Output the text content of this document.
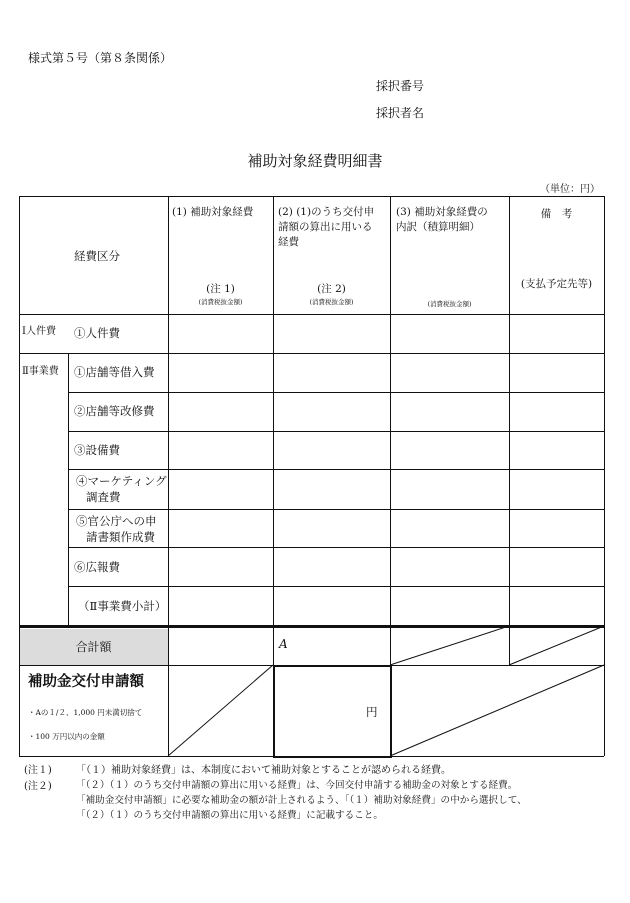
様式第５号（第８条関係）
採択番号
採択者名
補助対象経費明細書
（単位：円）
経費区分
(1) 補助対象経費
(注 1)
(消費税抜金額)
(2) (1)のうち交付申
請額の算出に用いる
経費
(注 2)
(消費税抜金額)
(3) 補助対象経費の
内訳（積算明細）
(消費税抜金額)
備　考
(支払予定先等)
Ⅰ人件費
Ⅱ事業費
①人件費
①店舗等借入費
②店舗等改修費
③設備費
④マーケティング
調査費
⑤官公庁への申
請書類作成費
⑥広報費
（Ⅱ事業費小計）
合計額	A
補助金交付申請額
・Aの１/２、1,000 円未満切捨て
・100 万円以内の金額
円
(注１) 「（１）補助対象経費」は、本制度において補助対象とすることが認められる経費。
(注２)	「（２）（１）のうち交付申請額の算出に用いる経費」は、今回交付申請する補助金の対象とする経費。
「補助金交付申請額」に必要な補助金の額が計上されるよう、「（１）補助対象経費」の中から選択して、
「（２）（１）のうち交付申請額の算出に用いる経費」に記載すること。
